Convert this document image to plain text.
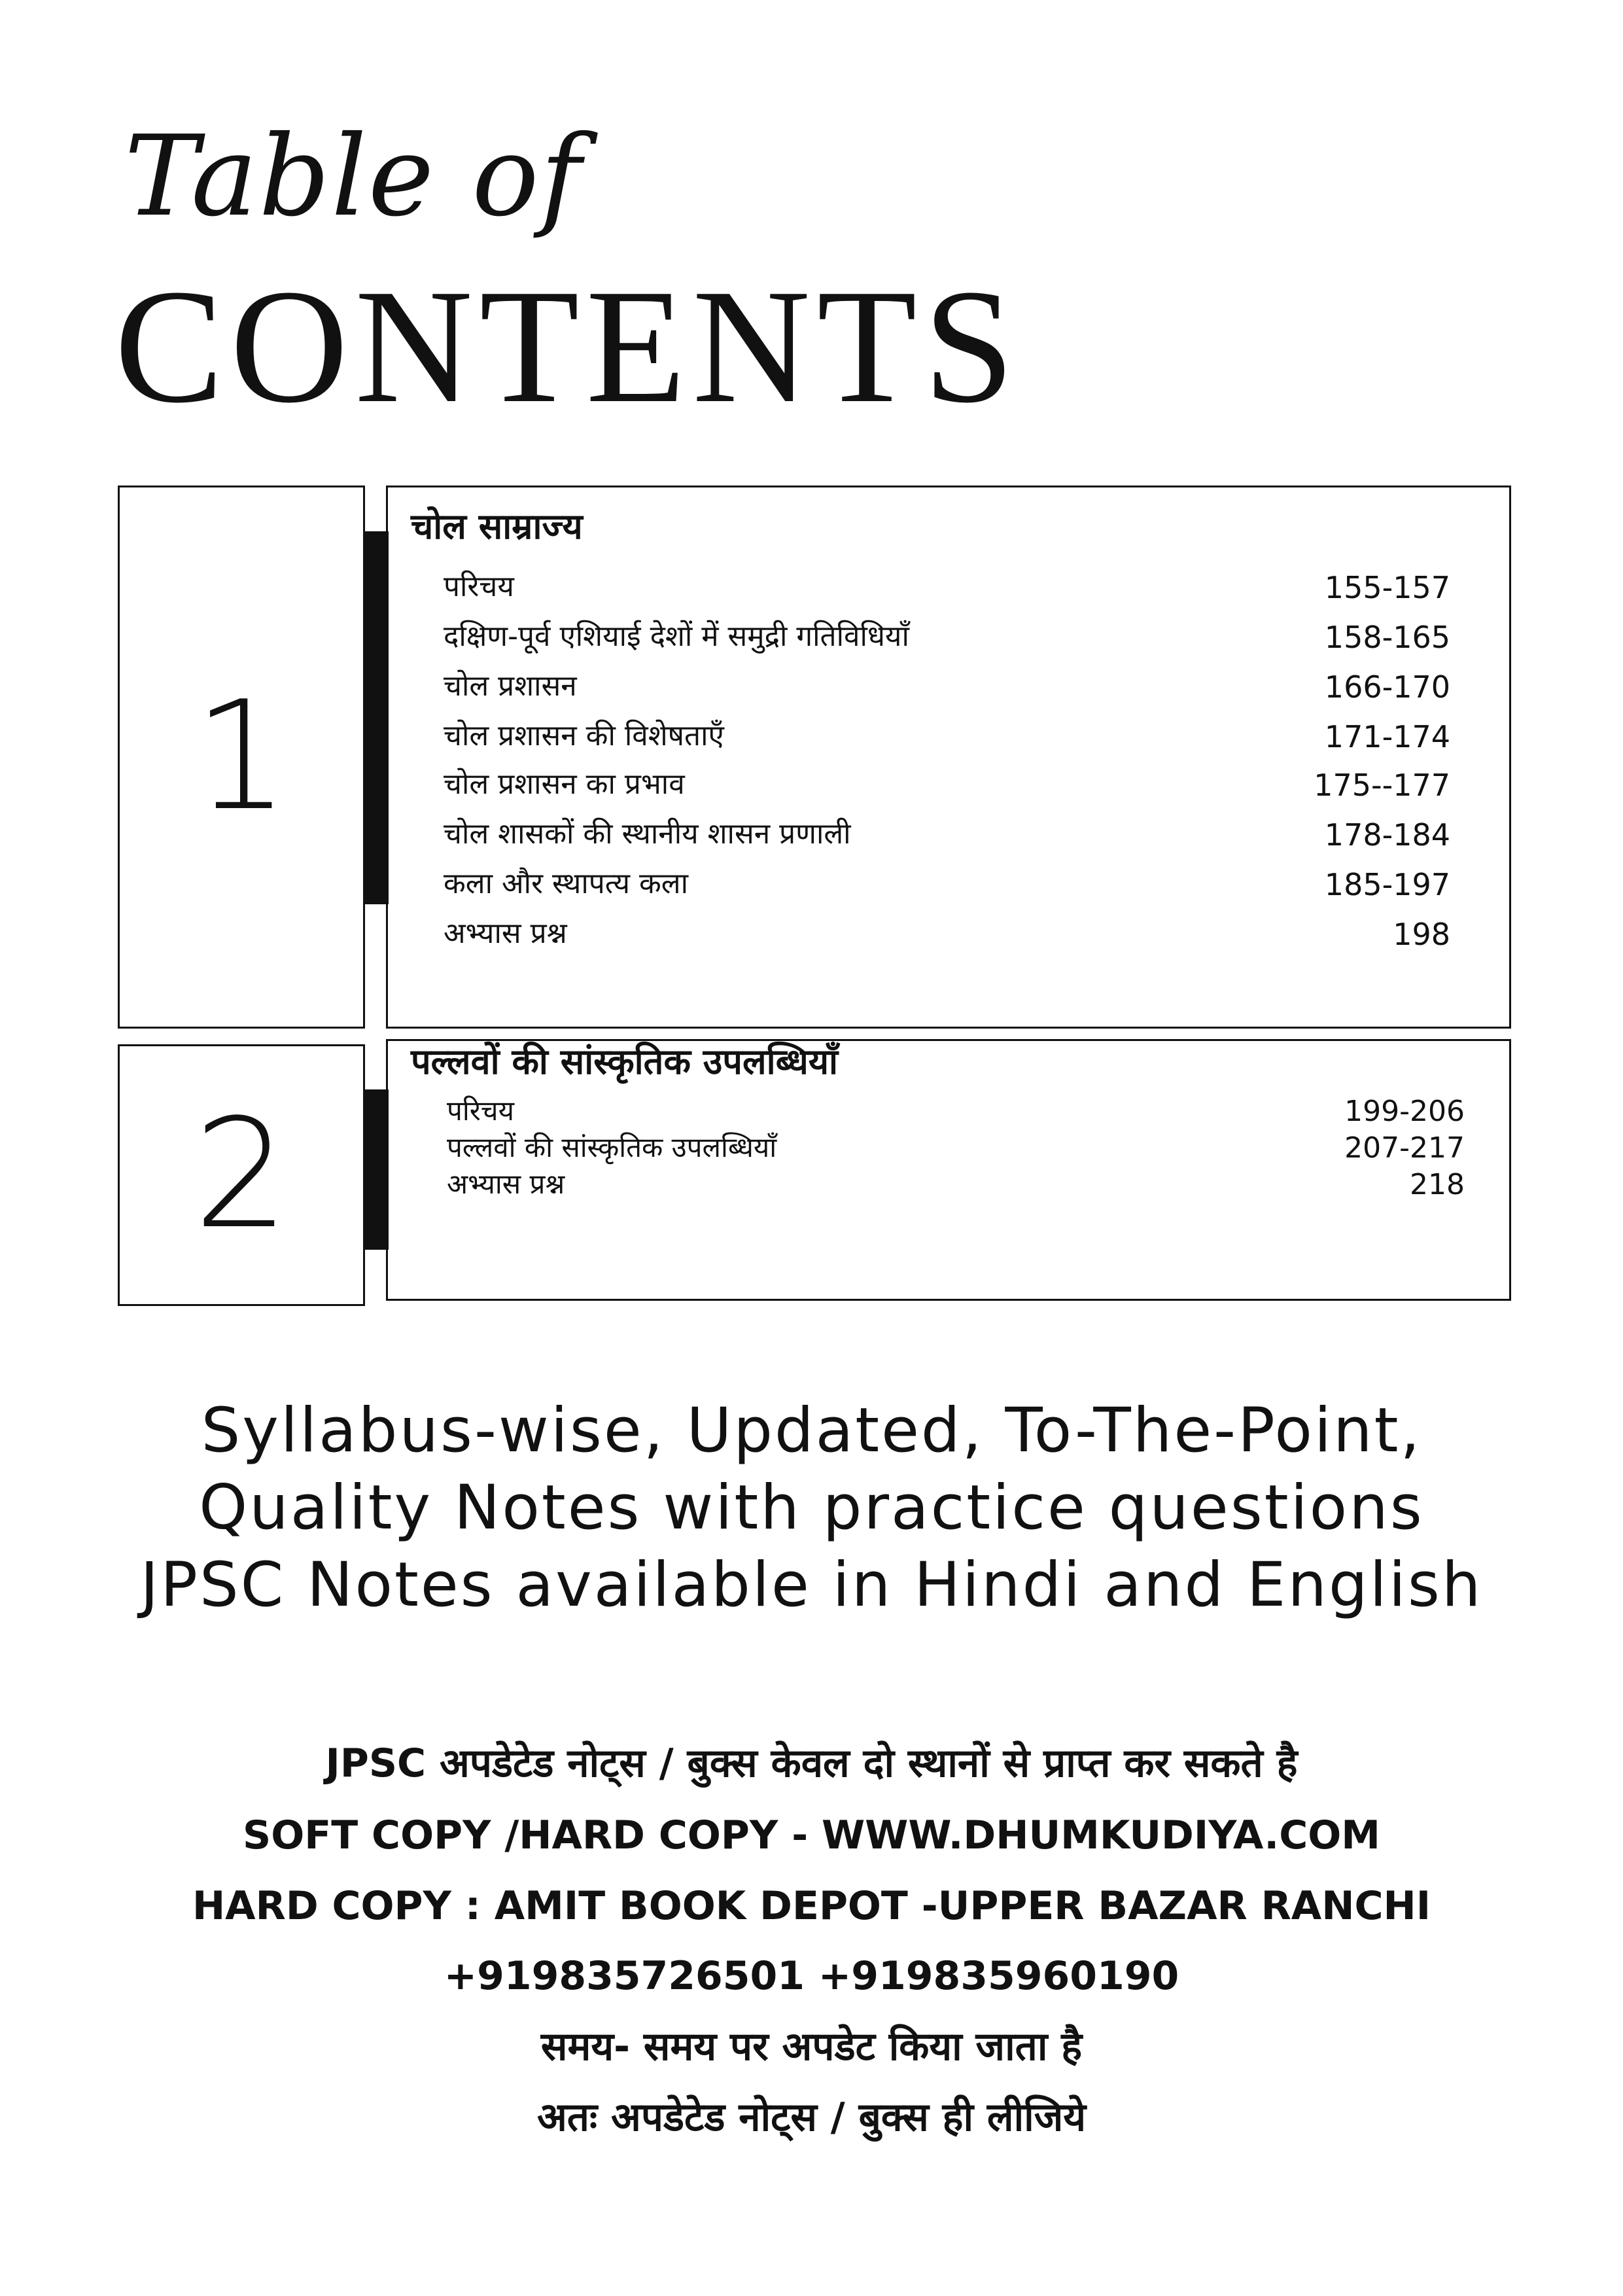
Table of
CONTENTS
1
चोल साम्राज्य
परिचय	155-157
दक्षिण-पूर्व एशियाई देशों में समुद्री गतिविधियाँ	158-165
चोल प्रशासन	166-170
चोल प्रशासन की विशेषताएँ	171-174
चोल प्रशासन का प्रभाव	175--177
चोल शासकों की स्थानीय शासन प्रणाली	178-184
कला और स्थापत्य कला	185-197
अभ्यास प्रश्न	198
2
पल्लवों की सांस्कृतिक उपलब्धियाँ
परिचय	199-206
पल्लवों की सांस्कृतिक उपलब्धियाँ	207-217
अभ्यास प्रश्न	218
Syllabus-wise, Updated, To-The-Point,
Quality Notes with practice questions
JPSC Notes available in Hindi and English
JPSC अपडेटेड नोट्स / बुक्स केवल दो स्थानों से प्राप्त कर सकते है
SOFT COPY /HARD COPY - WWW.DHUMKUDIYA.COM
HARD COPY : AMIT BOOK DEPOT -UPPER BAZAR RANCHI
+919835726501 +919835960190
समय- समय पर अपडेट किया जाता है
अतः अपडेटेड नोट्स / बुक्स ही लीजिये
